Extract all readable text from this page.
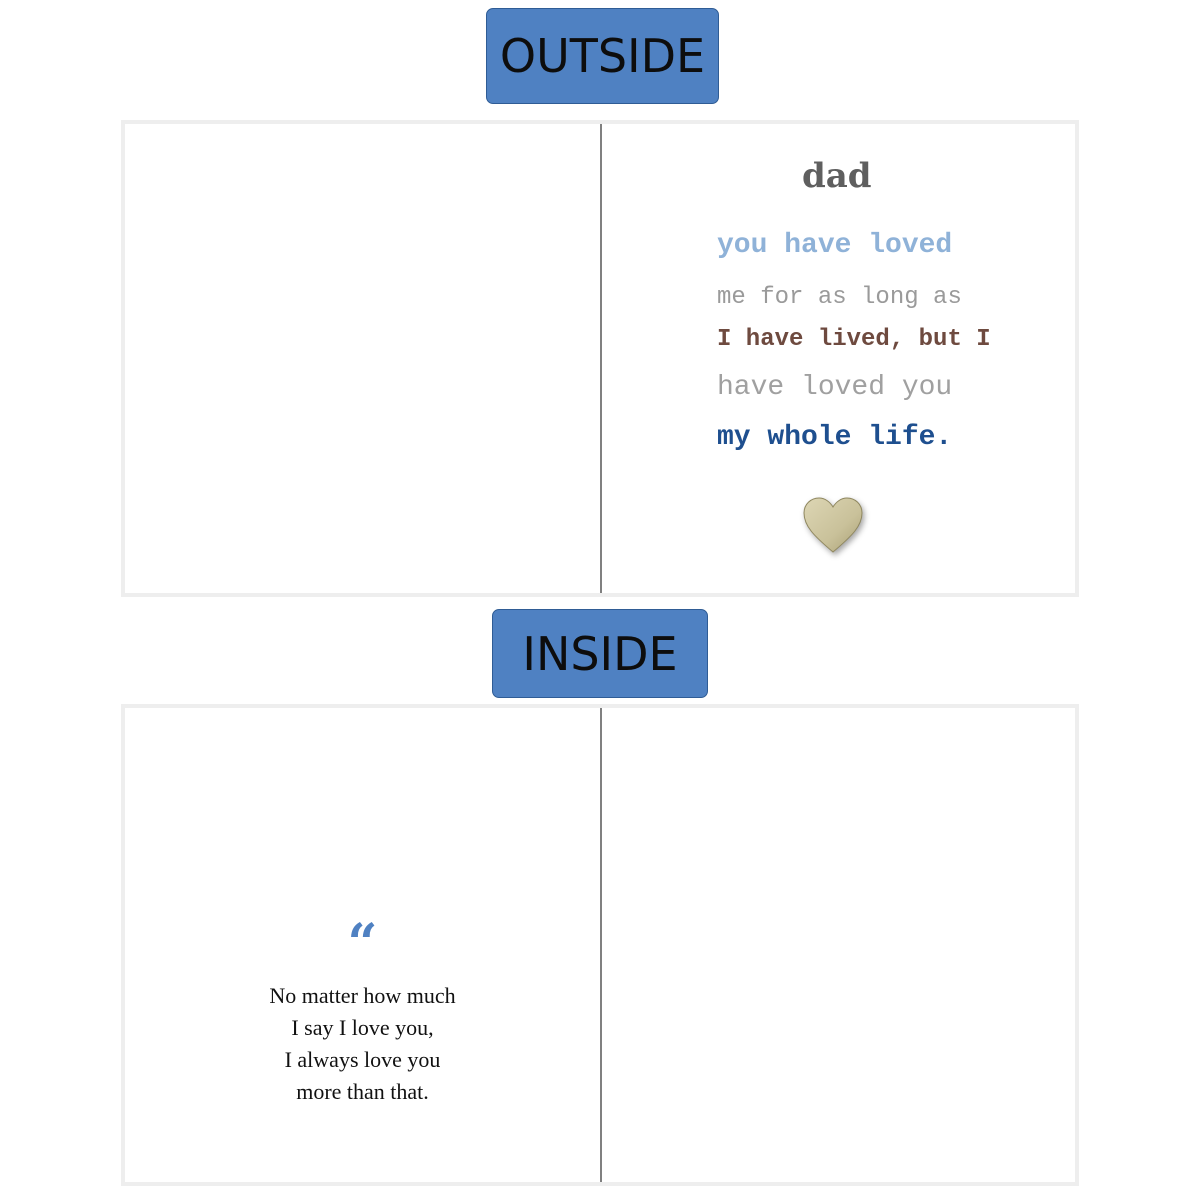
OUTSIDE
dad
you have loved
me for as long as
I have lived, but I
have loved you
my whole life.
INSIDE
“
No matter how much
I say I love you,
I always love you
more than that.
